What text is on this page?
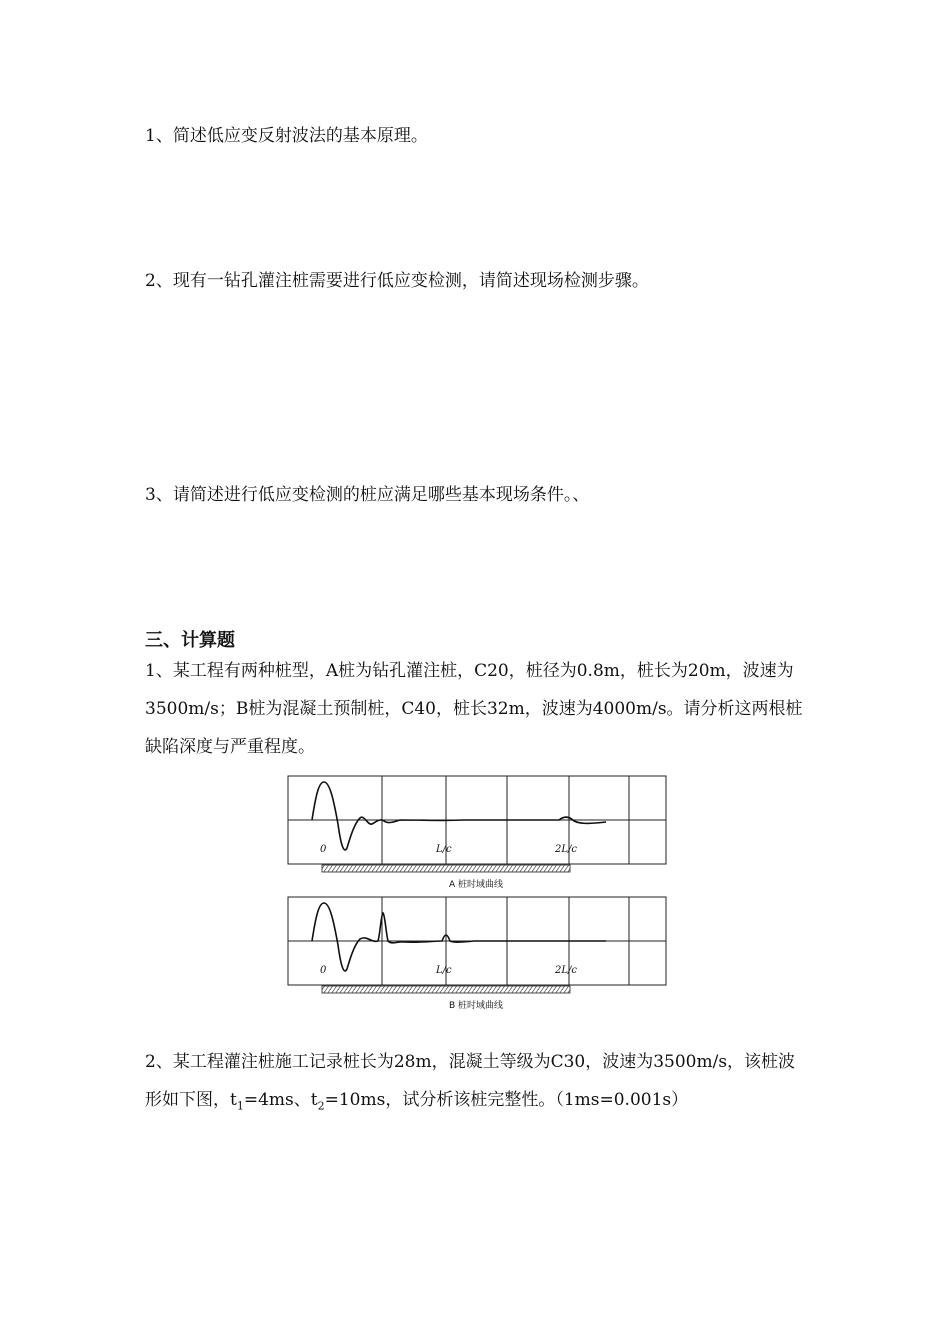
1、简述低应变反射波法的基本原理。

2、现有一钻孔灌注桩需要进行低应变检测，请简述现场检测步骤。

3、请简述进行低应变检测的桩应满足哪些基本现场条件。、

三、计算题

1、某工程有两种桩型，A桩为钻孔灌注桩，C20，桩径为0.8m，桩长为20m，波速为3500m/s；B桩为混凝土预制桩，C40，桩长32m，波速为4000m/s。请分析这两根桩缺陷深度与严重程度。

0	L/c	2L/c
A 桩时域曲线
0	L/c	2L/c
B 桩时域曲线

2、某工程灌注桩施工记录桩长为28m，混凝土等级为C30，波速为3500m/s，该桩波形如下图，$t_1=4ms$、$t_2=10ms$，试分析该桩完整性。（1ms=0.001s）
